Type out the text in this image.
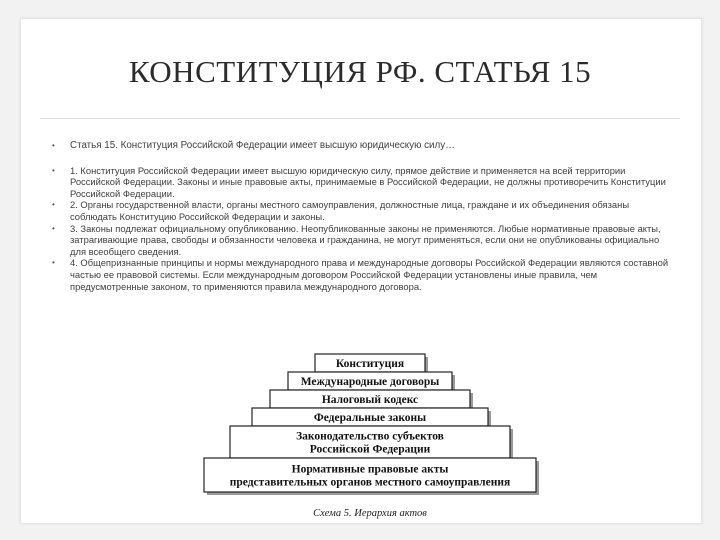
КОНСТИТУЦИЯ РФ. СТАТЬЯ 15
• Статья 15. Конституция Российской Федерации имеет высшую юридическую силу…
• 1. Конституция Российской Федерации имеет высшую юридическую силу, прямое действие и применяется на всей территории Российской Федерации. Законы и иные правовые акты, принимаемые в Российской Федерации, не должны противоречить Конституции Российской Федерации.
• 2. Органы государственной власти, органы местного самоуправления, должностные лица, граждане и их объединения обязаны соблюдать Конституцию Российской Федерации и законы.
• 3. Законы подлежат официальному опубликованию. Неопубликованные законы не применяются. Любые нормативные правовые акты, затрагивающие права, свободы и обязанности человека и гражданина, не могут применяться, если они не опубликованы официально для всеобщего сведения.
• 4. Общепризнанные принципы и нормы международного права и международные договоры Российской Федерации являются составной частью ее правовой системы. Если международным договором Российской Федерации установлены иные правила, чем предусмотренные законом, то применяются правила международного договора.
Конституция
Международные договоры
Налоговый кодекс
Федеральные законы
Законодательство субъектов
Российской Федерации
Нормативные правовые акты
представительных органов местного самоуправления
Схема 5. Иерархия актов
